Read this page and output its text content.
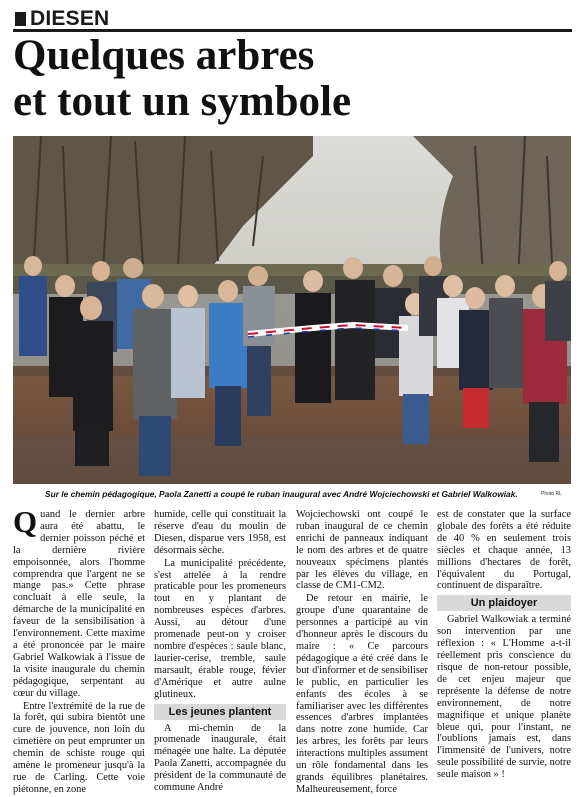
DIESEN
Quelques arbres
et tout un symbole
Sur le chemin pédagogique, Paola Zanetti a coupé le ruban inaugural avec André Wojciechowski et Gabriel Walkowiak.	Photo RL

Quand le dernier arbre aura été abattu, le dernier poisson péché et la dernière rivière empoisonnée, alors l'homme comprendra que l'argent ne se mange pas.» Cette phrase concluait à elle seule, la démarche de la municipalité en faveur de la sensibilisation à l'environnement. Cette maxime a été prononcée par le maire Gabriel Walkowiak à l'issue de la visite inaugurale du chemin pédagogique, serpentant au cœur du village.

Entre l'extrémité de la rue de la forêt, qui subira bientôt une cure de jouvence, non loin du cimetière on peut emprunter un chemin de schiste rouge qui amène le promeneur jusqu'à la rue de Carling. Cette voie piétonne, en zone

humide, celle qui constituait la réserve d'eau du moulin de Diesen, disparue vers 1958, est désormais sèche.

La municipalité précédente, s'est attelée à la rendre praticable pour les promeneurs tout en y plantant de nombreuses espèces d'arbres. Aussi, au détour d'une promenade peut-on y croiser nombre d'espèces : saule blanc, laurier-cerise, tremble, saule marsault, érable rouge, févier d'Amérique et autre aulne glutineux.

Les jeunes plantent

A mi-chemin de la promenade inaugurale, était ménagée une halte. La députée Paola Zanetti, accompagnée du président de la communauté de commune André

Wojciechowski ont coupé le ruban inaugural de ce chemin enrichi de panneaux indiquant le nom des arbres et de quatre nouveaux spécimens plantés par les élèves du village, en classe de CM1-CM2.

De retour en mairie, le groupe d'une quarantaine de personnes a participé au vin d'honneur après le discours du maire : « Ce parcours pédagogique a été créé dans le but d'informer et de sensibiliser le public, en particulier les enfants des écoles à se familiariser avec les différentes essences d'arbres implantées dans notre zone humide. Car les arbres, les forêts par leurs interactions multiples assument un rôle fondamental dans les grands équilibres planétaires. Malheureusement, force

est de constater que la surface globale des forêts a été réduite de 40 % en seulement trois siècles et chaque année, 13 millions d'hectares de forêt, l'équivalent du Portugal, continuent de disparaître.

Un plaidoyer

Gabriel Walkowiak a terminé son intervention par une réflexion : « L'Homme a-t-il réellement pris conscience du risque de non-retour possible, de cet enjeu majeur que représente la défense de notre environnement, de notre magnifique et unique planète bleue qui, pour l'instant, ne l'oublions jamais est, dans l'immensité de l'univers, notre seule possibilité de survie, notre seule maison » !
